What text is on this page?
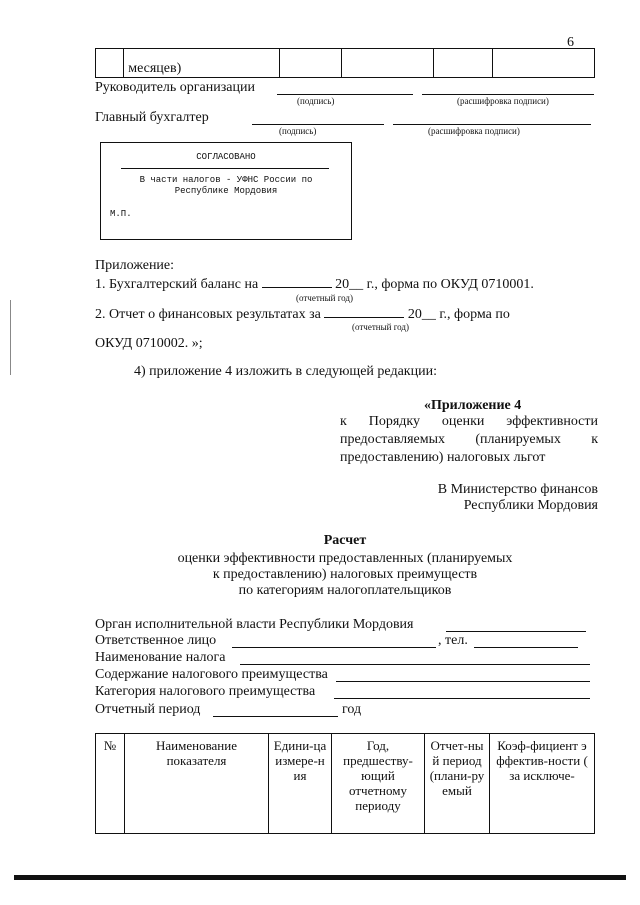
6
	месяцев)				
Руководитель организации
(подпись)	(расшифровка подписи)
Главный бухгалтер
(подпись)	(расшифровка подписи)
СОГЛАСОВАНО
В части налогов - УФНС России по
Республике Мордовия
М.П.
Приложение:
1. Бухгалтерский баланс на	20__ г., форма по ОКУД 0710001.
(отчетный год)
2. Отчет о финансовых результатах за	20__ г., форма по
(отчетный год)
ОКУД 0710002. »;
4) приложение 4 изложить в следующей редакции:
«Приложение 4
к Порядку оценки эффективности
предоставляемых (планируемых к
предоставлению) налоговых льгот
В Министерство финансов
Республики Мордовия
Расчет
оценки эффективности предоставленных (планируемых
к предоставлению) налоговых преимуществ
по категориям налогоплательщиков
Орган исполнительной власти Республики Мордовия
Ответственное лицо	, тел.
Наименование налога
Содержание налогового преимущества
Категория налогового преимущества
Отчетный период	год
№	Наименование показателя	Едини-ца измере-ния	Год, предшеству-ющий отчетному периоду	Отчет-ный период (плани-руемый	Коэф-фициент эффектив-ности ( за исключе-
